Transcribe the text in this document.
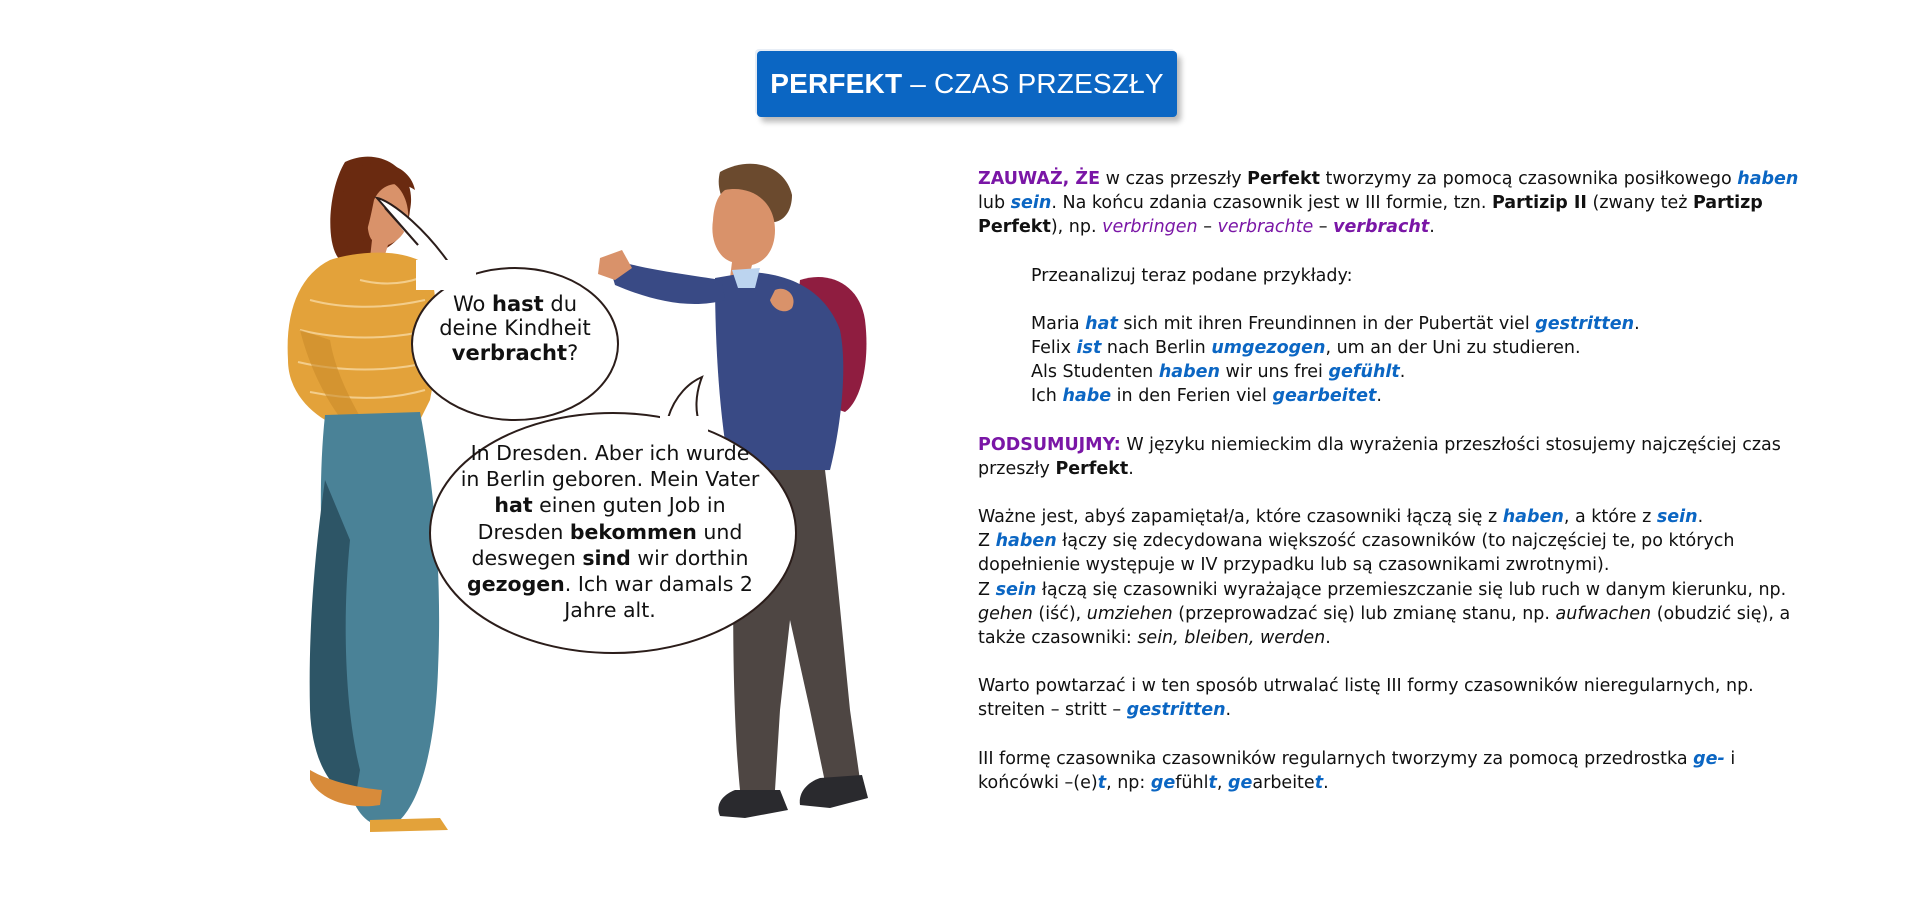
PERFEKT – CZAS PRZESZŁY
Wo hast du deine Kindheit verbracht?
In Dresden. Aber ich wurde in Berlin geboren. Mein Vater hat einen guten Job in Dresden bekommen und deswegen sind wir dorthin gezogen. Ich war damals 2 Jahre alt.

ZAUWAŻ, ŻE w czas przeszły Perfekt tworzymy za pomocą czasownika posiłkowego haben lub sein. Na końcu zdania czasownik jest w III formie, tzn. Partizip II (zwany też Partizp Perfekt), np. verbringen – verbrachte – verbracht.

Przeanalizuj teraz podane przykłady:

Maria hat sich mit ihren Freundinnen in der Pubertät viel gestritten.

Felix ist nach Berlin umgezogen, um an der Uni zu studieren.

Als Studenten haben wir uns frei gefühlt.

Ich habe in den Ferien viel gearbeitet.

PODSUMUJMY: W języku niemieckim dla wyrażenia przeszłości stosujemy najczęściej czas przeszły Perfekt.

Ważne jest, abyś zapamiętał/a, które czasowniki łączą się z haben, a które z sein.

Z haben łączy się zdecydowana większość czasowników (to najczęściej te, po których dopełnienie występuje w IV przypadku lub są czasownikami zwrotnymi).

Z sein łączą się czasowniki wyrażające przemieszczanie się lub ruch w danym kierunku, np. gehen (iść), umziehen (przeprowadzać się) lub zmianę stanu, np. aufwachen (obudzić się), a także czasowniki: sein, bleiben, werden.

Warto powtarzać i w ten sposób utrwalać listę III formy czasowników nieregularnych, np. streiten – stritt – gestritten.

III formę czasownika czasowników regularnych tworzymy za pomocą przedrostka ge- i końcówki –(e)t, np: gefühlt, gearbeitet.
